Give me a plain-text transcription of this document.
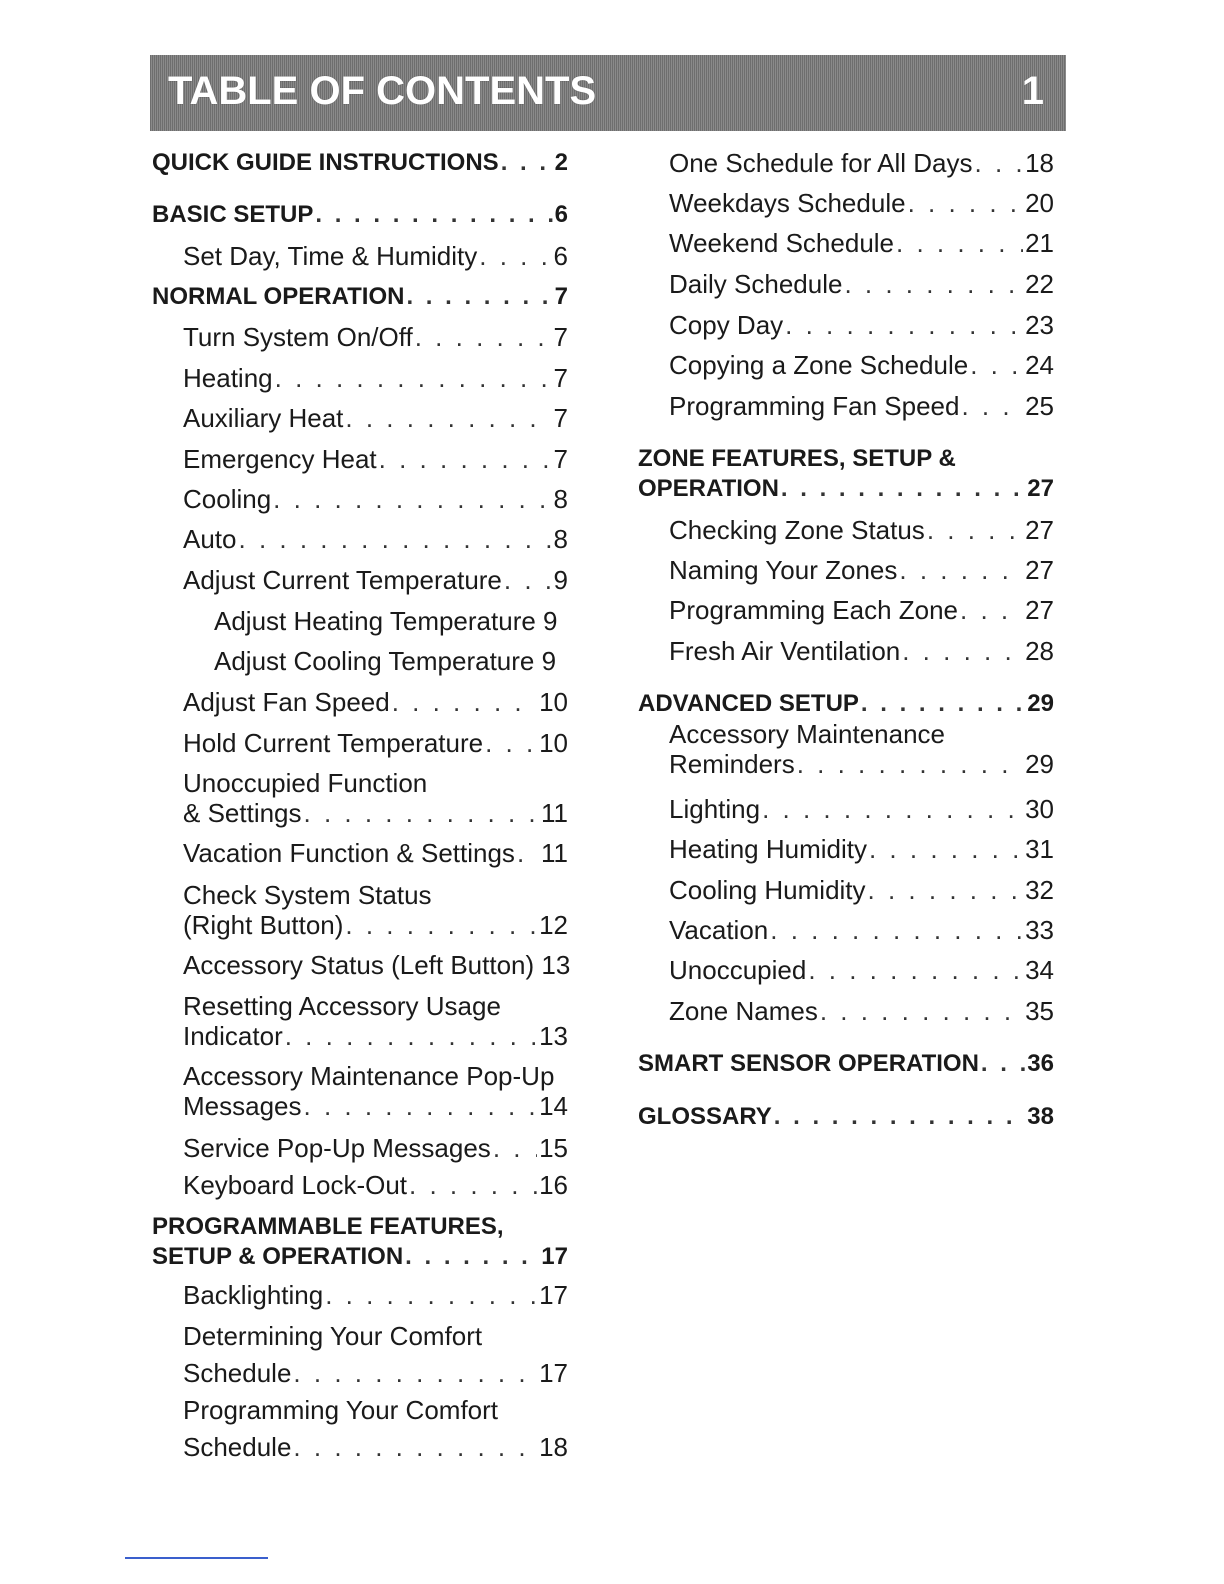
TABLE OF CONTENTS	1
QUICK GUIDE INSTRUCTIONS . . . 2
BASIC SETUP . . .	6
Set Day, Time & Humidity . . .	6
NORMAL OPERATION . . .	7
Turn System On/Off . . .	7
Heating . . .	7
Auxiliary Heat . . .	7
Emergency Heat . . .	7
Cooling . . .	8
Auto . . .	8
Adjust Current Temperature . . . 9
Adjust Heating Temperature 9
Adjust Cooling Temperature 9
Adjust Fan Speed . . .	10
Hold Current Temperature . . . 10
Unoccupied Function
& Settings . . .	11
Vacation Function & Settings . . . 11
Check System Status
(Right Button) . . .	12
Accessory Status (Left Button) 13
Resetting Accessory Usage
Indicator . . .	13
Accessory Maintenance Pop-Up
Messages . . .	14
Service Pop-Up Messages . . . 15
Keyboard Lock-Out . . .	16
PROGRAMMABLE FEATURES,
SETUP & OPERATION . . .	17
Backlighting . . .	17
Determining Your Comfort
Schedule . . .	17
Programming Your Comfort
Schedule . . .	18
One Schedule for All Days . . . 18
Weekdays Schedule . . .	20
Weekend Schedule . . .	21
Daily Schedule . . .	22
Copy Day . . .	23
Copying a Zone Schedule . . . 24
Programming Fan Speed . . .	25
ZONE FEATURES, SETUP &
OPERATION . . .	27
Checking Zone Status . . .	27
Naming Your Zones . . .	27
Programming Each Zone . . .	27
Fresh Air Ventilation . . .	28
ADVANCED SETUP . . .	29
Accessory Maintenance
Reminders . . .	29
Lighting . . .	30
Heating Humidity . . .	31
Cooling Humidity . . .	32
Vacation . . .	33
Unoccupied . . .	34
Zone Names . . .	35
SMART SENSOR OPERATION . . . 36
GLOSSARY . . .	38
